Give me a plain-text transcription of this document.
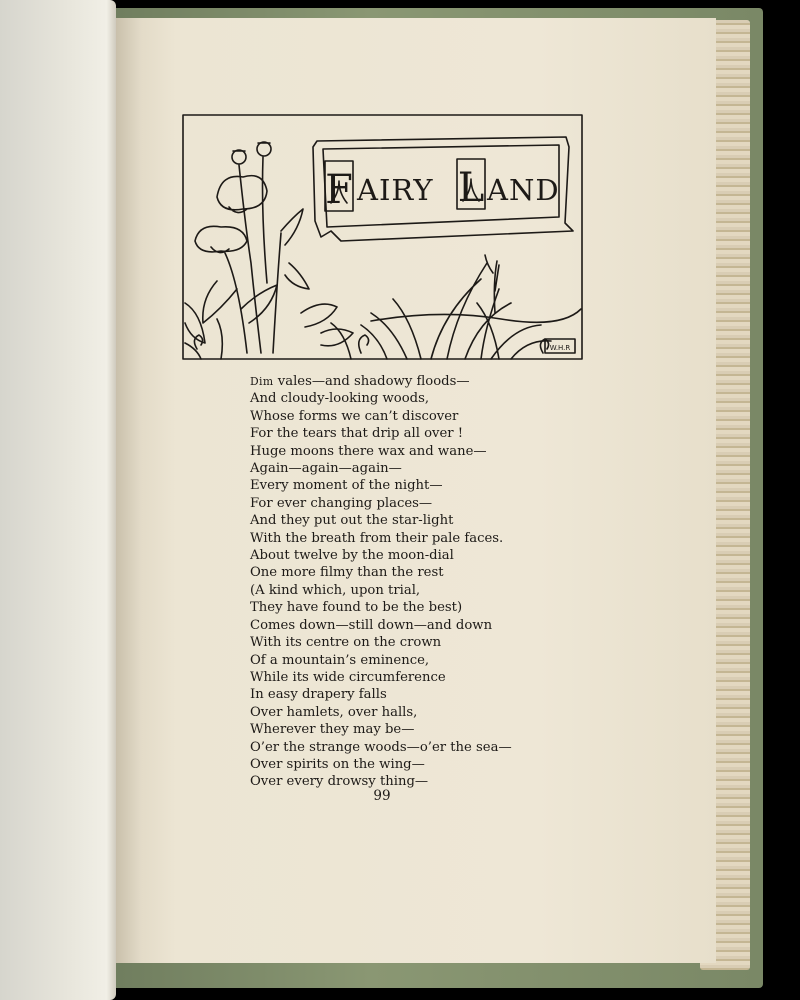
F AIRY L AND
W.H.R
Dim vales—and shadowy floods—
And cloudy-looking woods,
Whose forms we can’t discover
For the tears that drip all over !
Huge moons there wax and wane—
Again—again—again—
Every moment of the night—
For ever changing places—
And they put out the star-light
With the breath from their pale faces.
About twelve by the moon-dial
One more filmy than the rest
(A kind which, upon trial,
They have found to be the best)
Comes down—still down—and down
With its centre on the crown
Of a mountain’s eminence,
While its wide circumference
In easy drapery falls
Over hamlets, over halls,
Wherever they may be—
O’er the strange woods—o’er the sea—
Over spirits on the wing—
Over every drowsy thing—
99
